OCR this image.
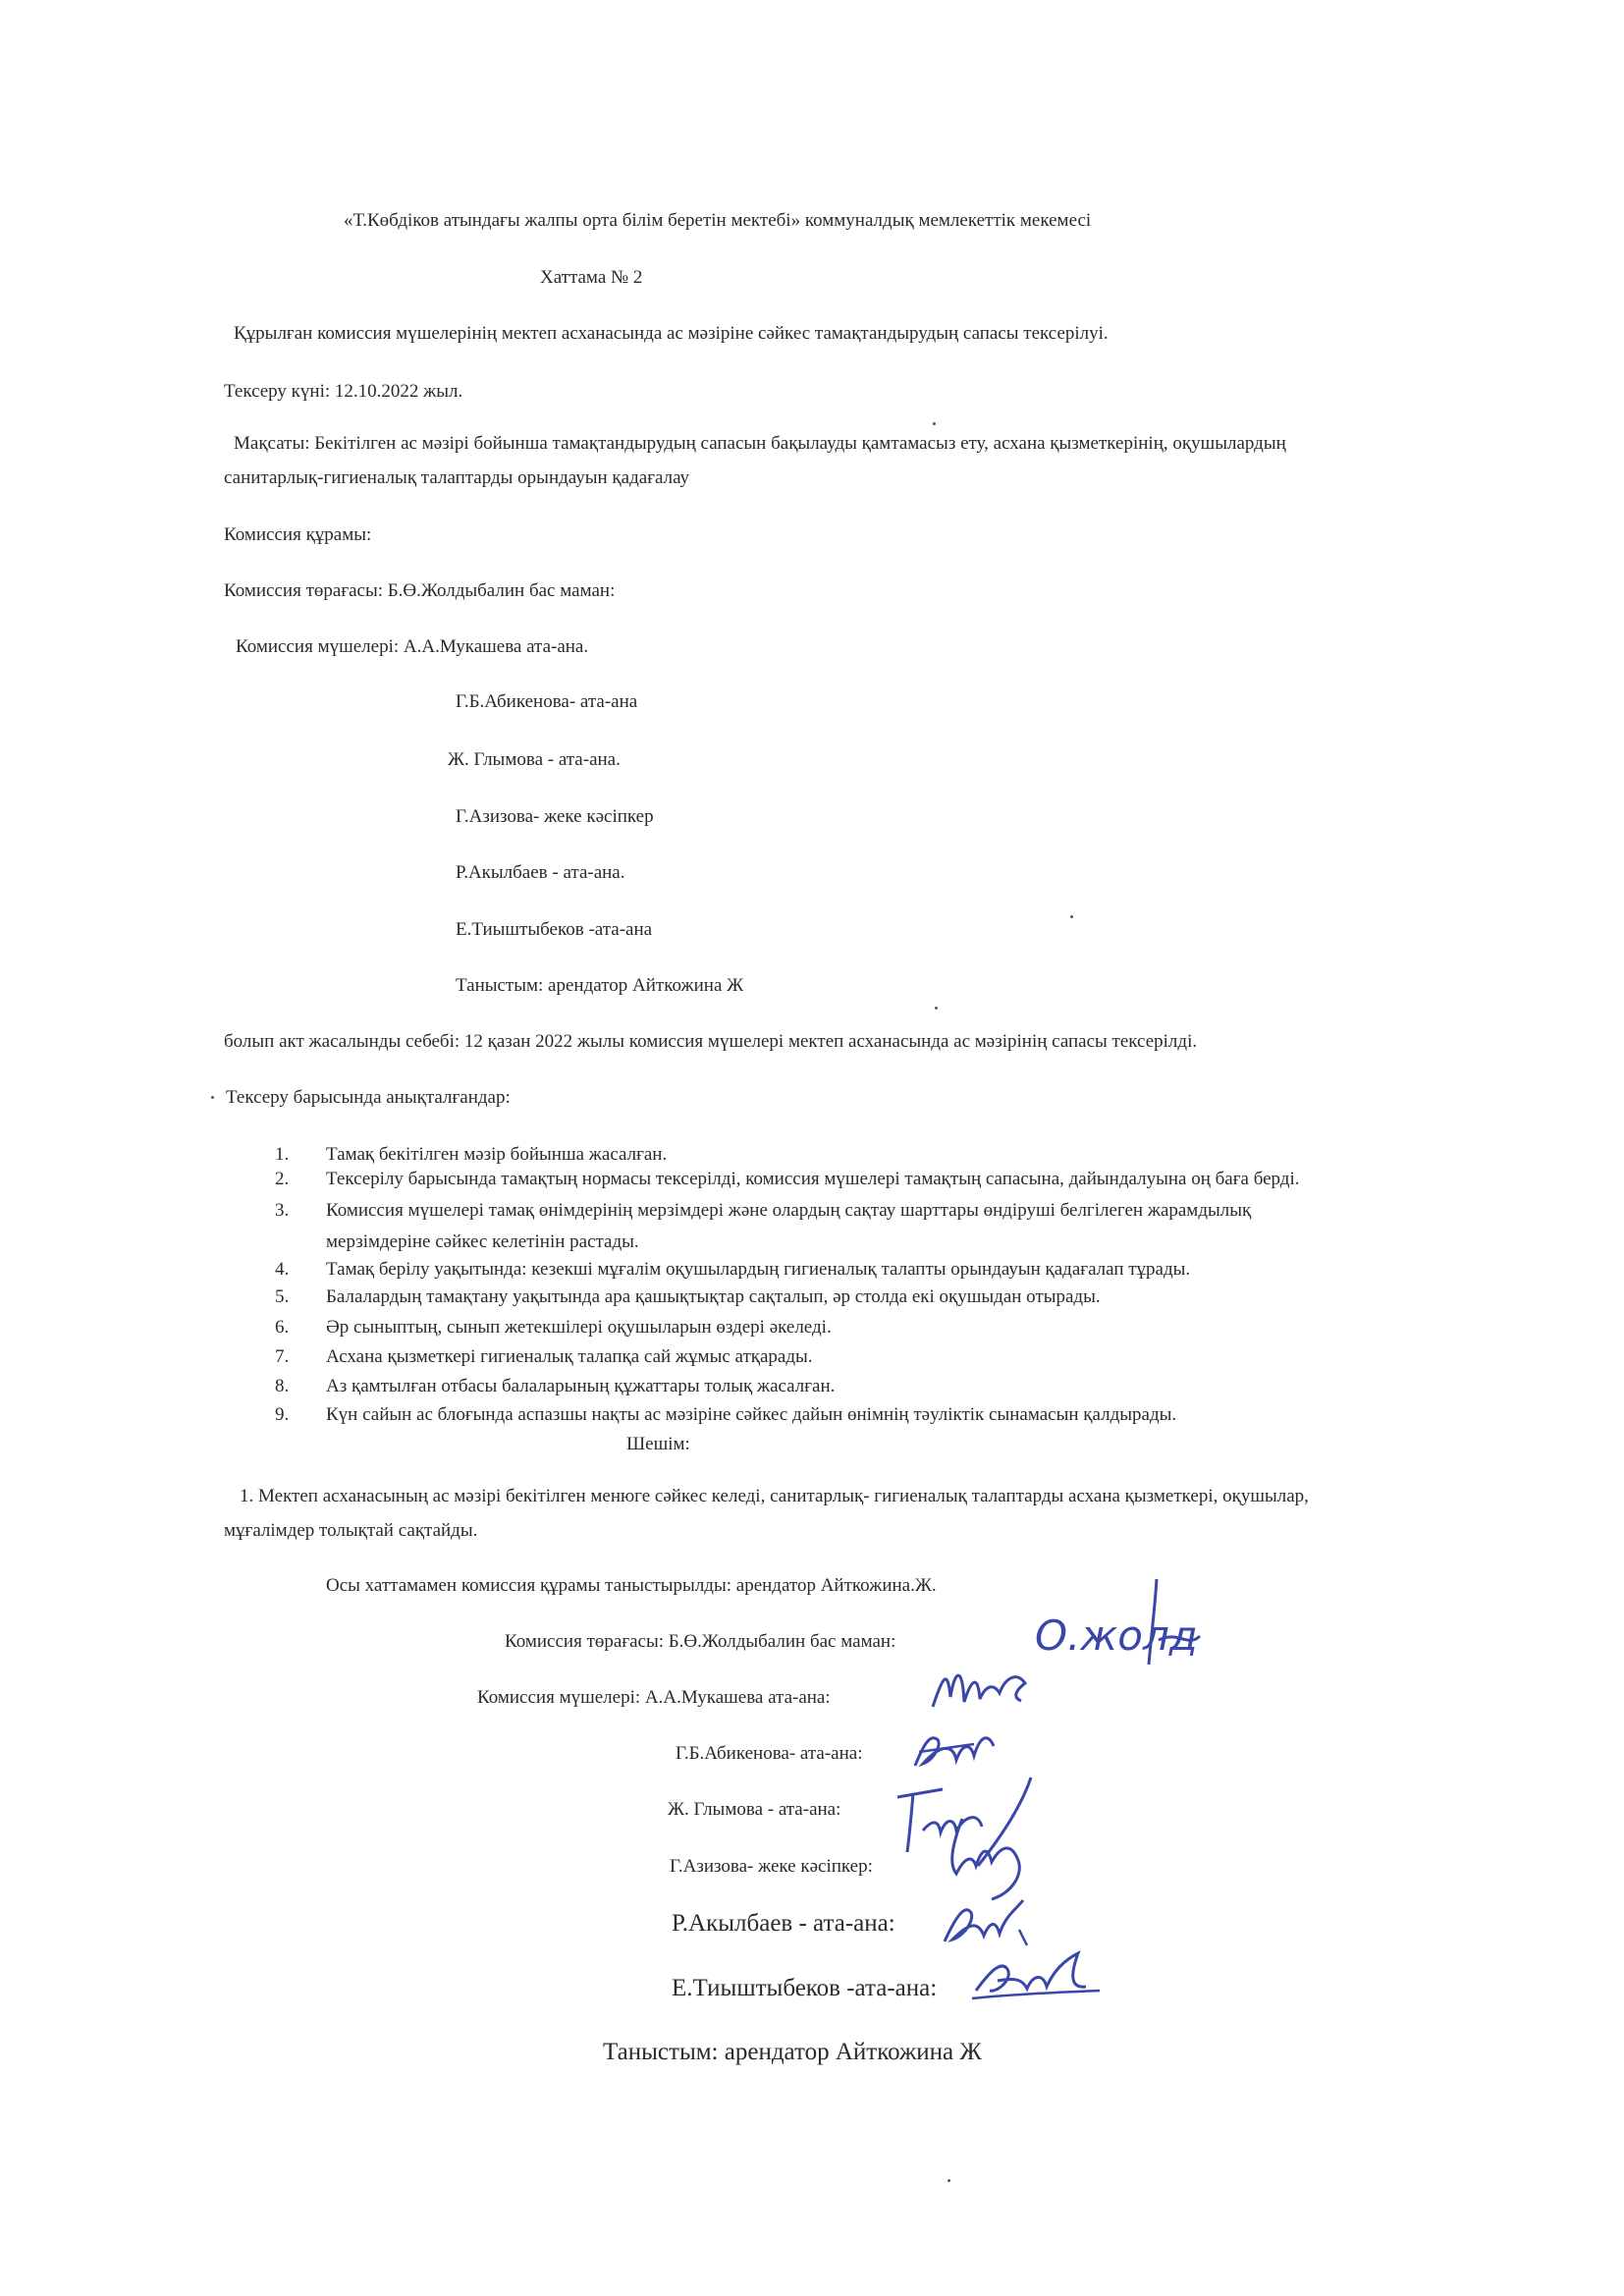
«Т.Көбдіков атындағы жалпы орта білім беретін мектебі» коммуналдық мемлекеттік мекемесі
Хаттама № 2
Құрылған комиссия мүшелерінің мектеп асханасында ас мәзіріне сәйкес тамақтандырудың сапасы тексерілуі.
Тексеру күні: 12.10.2022 жыл.
Мақсаты: Бекітілген ас мәзірі бойынша тамақтандырудың сапасын бақылауды қамтамасыз ету, асхана қызметкерінің, оқушылардың
санитарлық-гигиеналық талаптарды орындауын қадағалау
Комиссия құрамы:
Комиссия төрағасы: Б.Ө.Жолдыбалин бас маман:
Комиссия мүшелері: А.А.Мукашева ата-ана.
Г.Б.Абикенова- ата-ана
Ж. Глымова - ата-ана.
Г.Азизова- жеке кәсіпкер
Р.Акылбаев - ата-ана.
Е.Тиыштыбеков -ата-ана
Таныстым: арендатор Айткожина Ж
болып акт жасалынды себебі: 12 қазан 2022 жылы комиссия мүшелері мектеп асханасында ас мәзірінің сапасы тексерілді.
Тексеру барысында анықталғандар:
1. Тамақ бекітілген мәзір бойынша жасалған.
2. Тексерілу барысында тамақтың нормасы тексерілді, комиссия мүшелері тамақтың сапасына, дайындалуына оң баға берді.
3. Комиссия мүшелері тамақ өнімдерінің мерзімдері және олардың сақтау шарттары өндіруші белгілеген жарамдылық
мерзімдеріне сәйкес келетінін растады.
4. Тамақ берілу уақытында: кезекші мұғалім оқушылардың гигиеналық талапты орындауын қадағалап тұрады.
5. Балалардың тамақтану уақытында ара қашықтықтар сақталып, әр столда екі оқушыдан отырады.
6. Әр сыныптың, сынып жетекшілері оқушыларын өздері әкеледі.
7. Асхана қызметкері гигиеналық талапқа сай жұмыс атқарады.
8. Аз қамтылған отбасы балаларының құжаттары толық жасалған.
9. Күн сайын ас блоғында аспазшы нақты ас мәзіріне сәйкес дайын өнімнің тәуліктік сынамасын қалдырады.
Шешім:
1. Мектеп асханасының ас мәзірі бекітілген менюге сәйкес келеді, санитарлық- гигиеналық талаптарды асхана қызметкері, оқушылар,
мұғалімдер толықтай сақтайды.
Осы хаттамамен комиссия құрамы таныстырылды: арендатор Айткожина.Ж.
Комиссия төрағасы: Б.Ө.Жолдыбалин бас маман:
Комиссия мүшелері: А.А.Мукашева ата-ана:
Г.Б.Абикенова- ата-ана:
Ж. Глымова - ата-ана:
Г.Азизова- жеке кәсіпкер:
Р.Акылбаев - ата-ана:
Е.Тиыштыбеков -ата-ана:
Таныстым: арендатор Айткожина Ж
О.жолд
